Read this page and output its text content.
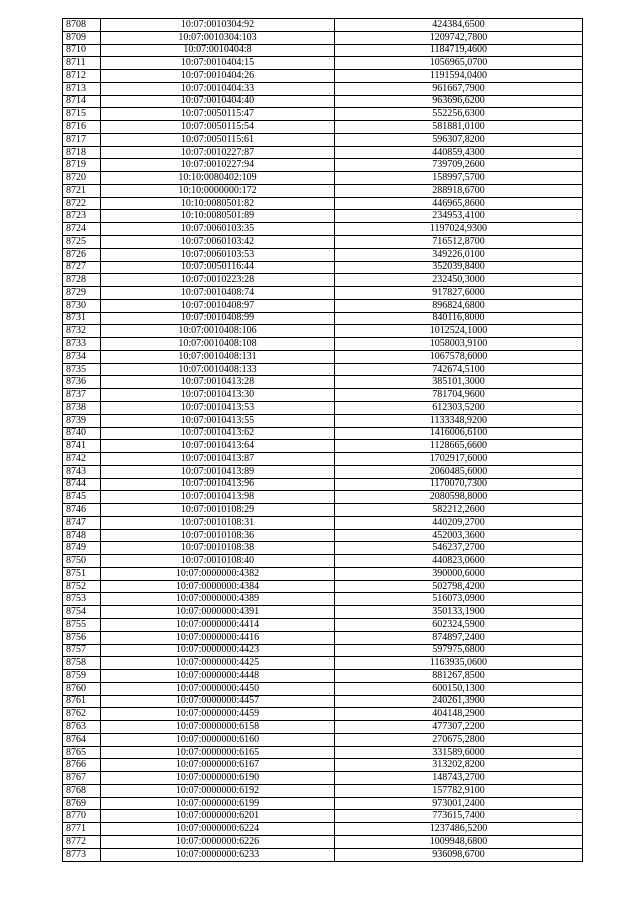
8708	10:07:0010304:92	424384,6500
8709	10:07:0010304:103	1209742,7800
8710	10:07:0010404:8	1184719,4600
8711	10:07:0010404:15	1056965,0700
8712	10:07:0010404:26	1191594,0400
8713	10:07:0010404:33	961667,7900
8714	10:07:0010404:40	963696,6200
8715	10:07:0050115:47	552256,6300
8716	10:07:0050115:54	581881,0100
8717	10:07:0050115:61	596307,8200
8718	10:07:0010227:87	440859,4300
8719	10:07:0010227:94	739709,2600
8720	10:10:0080402:109	158997,5700
8721	10:10:0000000:172	288918,6700
8722	10:10:0080501:82	446965,8600
8723	10:10:0080501:89	234953,4100
8724	10:07:0060103:35	1197024,9300
8725	10:07:0060103:42	716512,8700
8726	10:07:0060103:53	349226,0100
8727	10:07:0050116:44	352039,8400
8728	10:07:0010223:28	232450,3000
8729	10:07:0010408:74	917827,6000
8730	10:07:0010408:97	896824,6800
8731	10:07:0010408:99	840116,8000
8732	10:07:0010408:106	1012524,1000
8733	10:07:0010408:108	1058003,9100
8734	10:07:0010408:131	1067578,6000
8735	10:07:0010408:133	742674,5100
8736	10:07:0010413:28	385101,3000
8737	10:07:0010413:30	781704,9600
8738	10:07:0010413:53	612303,5200
8739	10:07:0010413:55	1133348,9200
8740	10:07:0010413:62	1416006,6100
8741	10:07:0010413:64	1128665,6600
8742	10:07:0010413:87	1702917,6000
8743	10:07:0010413:89	2060485,6000
8744	10:07:0010413:96	1170070,7300
8745	10:07:0010413:98	2080598,8000
8746	10:07:0010108:29	582212,2600
8747	10:07:0010108:31	440209,2700
8748	10:07:0010108:36	452003,3600
8749	10:07:0010108:38	546237,2700
8750	10:07:0010108:40	440823,0600
8751	10:07:0000000:4382	390000,6000
8752	10:07:0000000:4384	502798,4200
8753	10:07:0000000:4389	516073,0900
8754	10:07:0000000:4391	350133,1900
8755	10:07:0000000:4414	602324,5900
8756	10:07:0000000:4416	874897,2400
8757	10:07:0000000:4423	597975,6800
8758	10:07:0000000:4425	1163935,0600
8759	10:07:0000000:4448	881267,8500
8760	10:07:0000000:4450	600150,1300
8761	10:07:0000000:4457	240261,3900
8762	10:07:0000000:4459	404148,2900
8763	10:07:0000000:6158	477307,2200
8764	10:07:0000000:6160	270675,2800
8765	10:07:0000000:6165	331589,6000
8766	10:07:0000000:6167	313202,8200
8767	10:07:0000000:6190	148743,2700
8768	10:07:0000000:6192	157782,9100
8769	10:07:0000000:6199	973001,2400
8770	10:07:0000000:6201	773615,7400
8771	10:07:0000000:6224	1237486,5200
8772	10:07:0000000:6226	1009948,6800
8773	10:07:0000000:6233	936098,6700
